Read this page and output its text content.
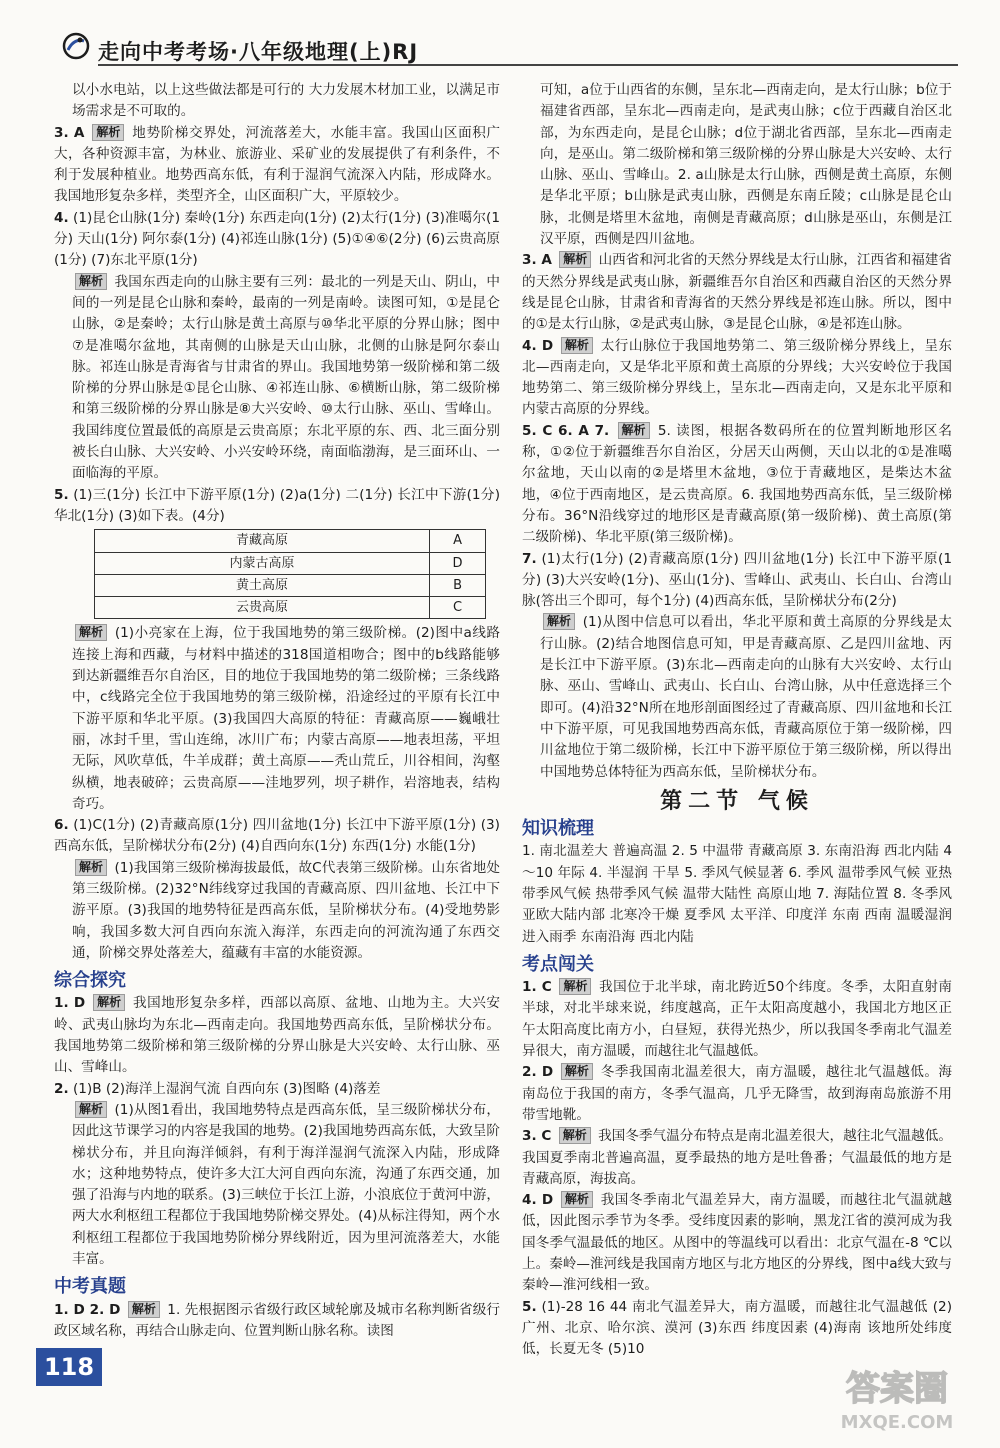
走向中考考场·八年级地理(上)RJ

以小水电站，以上这些做法都是可行的 大力发展木材加工业，以满足市场需求是不可取的。

3. A 解析 地势阶梯交界处，河流落差大，水能丰富。我国山区面积广大，各种资源丰富，为林业、旅游业、采矿业的发展提供了有利条件，不利于发展种植业。地势西高东低，有利于湿润气流深入内陆，形成降水。我国地形复杂多样，类型齐全，山区面积广大，平原较少。

4. (1)昆仑山脉(1分) 秦岭(1分) 东西走向(1分) (2)太行(1分) (3)准噶尔(1分) 天山(1分) 阿尔泰(1分) (4)祁连山脉(1分) (5)①④⑥(2分) (6)云贵高原(1分) (7)东北平原(1分)

解析 我国东西走向的山脉主要有三列：最北的一列是天山、阴山，中间的一列是昆仑山脉和秦岭，最南的一列是南岭。读图可知，①是昆仑山脉，②是秦岭；太行山脉是黄土高原与⑩华北平原的分界山脉；图中⑦是准噶尔盆地，其南侧的山脉是天山山脉，北侧的山脉是阿尔泰山脉。祁连山脉是青海省与甘肃省的界山。我国地势第一级阶梯和第二级阶梯的分界山脉是①昆仑山脉、④祁连山脉、⑥横断山脉，第二级阶梯和第三级阶梯的分界山脉是⑧大兴安岭、⑩太行山脉、巫山、雪峰山。我国纬度位置最低的高原是云贵高原；东北平原的东、西、北三面分别被长白山脉、大兴安岭、小兴安岭环绕，南面临渤海，是三面环山、一面临海的平原。

5. (1)三(1分) 长江中下游平原(1分) (2)a(1分) 二(1分) 长江中下游(1分) 华北(1分) (3)如下表。(4分)

青藏高原	A
内蒙古高原	D
黄土高原	B
云贵高原	C

解析 (1)小亮家在上海，位于我国地势的第三级阶梯。(2)图中a线路连接上海和西藏，与材料中描述的318国道相吻合；图中的b线路能够到达新疆维吾尔自治区，目的地位于我国地势的第二级阶梯；三条线路中，c线路完全位于我国地势的第三级阶梯，沿途经过的平原有长江中下游平原和华北平原。(3)我国四大高原的特征：青藏高原——巍峨壮丽，冰封千里，雪山连绵，冰川广布；内蒙古高原——地表坦荡，平坦无际，风吹草低，牛羊成群；黄土高原——秃山荒丘，川谷相间，沟壑纵横，地表破碎；云贵高原——洼地罗列，坝子耕作，岩溶地表，结构奇巧。

6. (1)C(1分) (2)青藏高原(1分) 四川盆地(1分) 长江中下游平原(1分) (3)西高东低，呈阶梯状分布(2分) (4)自西向东(1分) 东西(1分) 水能(1分)

解析 (1)我国第三级阶梯海拔最低，故C代表第三级阶梯。山东省地处第三级阶梯。(2)32°N纬线穿过我国的青藏高原、四川盆地、长江中下游平原。(3)我国的地势特征是西高东低，呈阶梯状分布。(4)受地势影响，我国多数大河自西向东流入海洋，东西走向的河流沟通了东西交通，阶梯交界处落差大，蕴藏有丰富的水能资源。

综合探究

1. D 解析 我国地形复杂多样，西部以高原、盆地、山地为主。大兴安岭、武夷山脉均为东北—西南走向。我国地势西高东低，呈阶梯状分布。我国地势第二级阶梯和第三级阶梯的分界山脉是大兴安岭、太行山脉、巫山、雪峰山。

2. (1)B (2)海洋上湿润气流 自西向东 (3)图略 (4)落差

解析 (1)从图1看出，我国地势特点是西高东低，呈三级阶梯状分布，因此这节课学习的内容是我国的地势。(2)我国地势西高东低，大致呈阶梯状分布，并且向海洋倾斜，有利于海洋湿润气流深入内陆，形成降水；这种地势特点，使许多大江大河自西向东流，沟通了东西交通，加强了沿海与内地的联系。(3)三峡位于长江上游，小浪底位于黄河中游，两大水利枢纽工程都位于我国地势阶梯交界处。(4)从标注得知，两个水利枢纽工程都位于我国地势阶梯分界线附近，因为里河流落差大，水能丰富。

中考真题

1. D 2. D 解析 1. 先根据图示省级行政区域轮廓及城市名称判断省级行政区域名称，再结合山脉走向、位置判断山脉名称。读图

可知，a位于山西省的东侧，呈东北—西南走向，是太行山脉；b位于福建省西部，呈东北—西南走向，是武夷山脉；c位于西藏自治区北部，为东西走向，是昆仑山脉；d位于湖北省西部，呈东北—西南走向，是巫山。第二级阶梯和第三级阶梯的分界山脉是大兴安岭、太行山脉、巫山、雪峰山。2. a山脉是太行山脉，西侧是黄土高原，东侧是华北平原；b山脉是武夷山脉，西侧是东南丘陵；c山脉是昆仑山脉，北侧是塔里木盆地，南侧是青藏高原；d山脉是巫山，东侧是江汉平原，西侧是四川盆地。

3. A 解析 山西省和河北省的天然分界线是太行山脉，江西省和福建省的天然分界线是武夷山脉，新疆维吾尔自治区和西藏自治区的天然分界线是昆仑山脉，甘肃省和青海省的天然分界线是祁连山脉。所以，图中的①是太行山脉，②是武夷山脉，③是昆仑山脉，④是祁连山脉。

4. D 解析 太行山脉位于我国地势第二、第三级阶梯分界线上，呈东北—西南走向，又是华北平原和黄土高原的分界线；大兴安岭位于我国地势第二、第三级阶梯分界线上，呈东北—西南走向，又是东北平原和内蒙古高原的分界线。

5. C 6. A 7. 解析 5. 读图，根据各数码所在的位置判断地形区名称，①②位于新疆维吾尔自治区，分居天山两侧，天山以北的①是准噶尔盆地，天山以南的②是塔里木盆地，③位于青藏地区，是柴达木盆地，④位于西南地区，是云贵高原。6. 我国地势西高东低，呈三级阶梯分布。36°N沿线穿过的地形区是青藏高原(第一级阶梯)、黄土高原(第二级阶梯)、华北平原(第三级阶梯)。

7. (1)太行(1分) (2)青藏高原(1分) 四川盆地(1分) 长江中下游平原(1分) (3)大兴安岭(1分)、巫山(1分)、雪峰山、武夷山、长白山、台湾山脉(答出三个即可，每个1分) (4)西高东低，呈阶梯状分布(2分)

解析 (1)从图中信息可以看出，华北平原和黄土高原的分界线是太行山脉。(2)结合地图信息可知，甲是青藏高原、乙是四川盆地、丙是长江中下游平原。(3)东北—西南走向的山脉有大兴安岭、太行山脉、巫山、雪峰山、武夷山、长白山、台湾山脉，从中任意选择三个即可。(4)沿32°N所在地形剖面图经过了青藏高原、四川盆地和长江中下游平原，可见我国地势西高东低，青藏高原位于第一级阶梯，四川盆地位于第二级阶梯，长江中下游平原位于第三级阶梯，所以得出中国地势总体特征为西高东低，呈阶梯状分布。

第二节 气候
知识梳理

1. 南北温差大 普遍高温 2. 5 中温带 青藏高原 3. 东南沿海 西北内陆 4～10 年际 4. 半湿润 干旱 5. 季风气候显著 6. 季风 温带季风气候 亚热带季风气候 热带季风气候 温带大陆性 高原山地 7. 海陆位置 8. 冬季风 亚欧大陆内部 北寒冷干燥 夏季风 太平洋、印度洋 东南 西南 温暖湿润 进入雨季 东南沿海 西北内陆

考点闯关

1. C 解析 我国位于北半球，南北跨近50个纬度。冬季，太阳直射南半球，对北半球来说，纬度越高，正午太阳高度越小，我国北方地区正午太阳高度比南方小，白昼短，获得光热少，所以我国冬季南北气温差异很大，南方温暖，而越往北气温越低。

2. D 解析 冬季我国南北温差很大，南方温暖，越往北气温越低。海南岛位于我国的南方，冬季气温高，几乎无降雪，故到海南岛旅游不用带雪地靴。

3. C 解析 我国冬季气温分布特点是南北温差很大，越往北气温越低。我国夏季南北普遍高温，夏季最热的地方是吐鲁番；气温最低的地方是青藏高原，海拔高。

4. D 解析 我国冬季南北气温差异大，南方温暖，而越往北气温就越低，因此图示季节为冬季。受纬度因素的影响，黑龙江省的漠河成为我国冬季气温最低的地区。从图中的等温线可以看出：北京气温在-8 ℃以上。秦岭—淮河线是我国南方地区与北方地区的分界线，图中a线大致与秦岭—淮河线相一致。

5. (1)-28 16 44 南北气温差异大，南方温暖，而越往北气温越低 (2)广州、北京、哈尔滨、漠河 (3)东西 纬度因素 (4)海南 该地所处纬度低，长夏无冬 (5)10

118
答案圈
MXQE.COM
